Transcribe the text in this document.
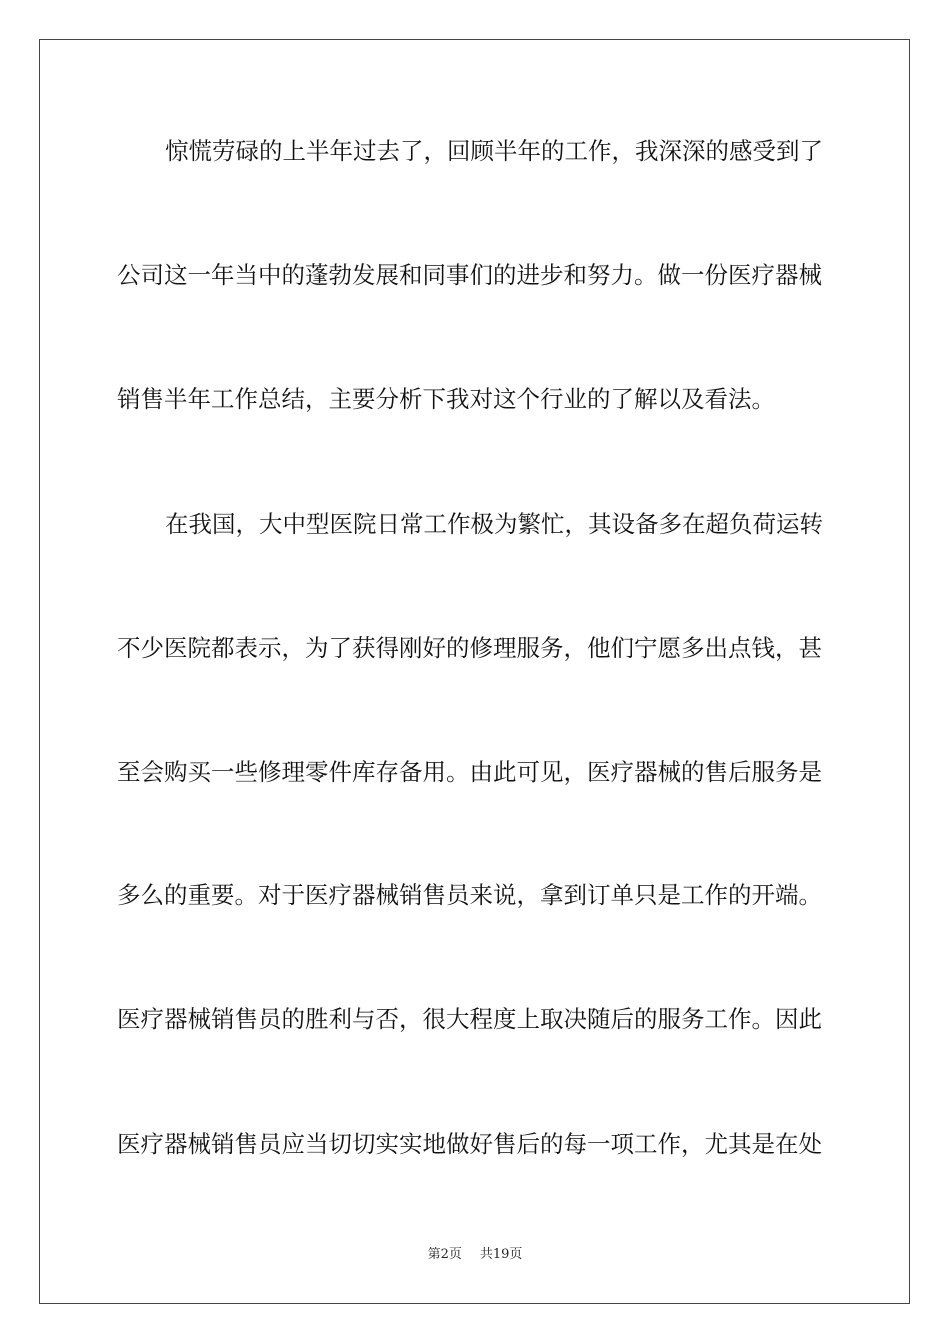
惊慌劳碌的上半年过去了，回顾半年的工作，我深深的感受到了
公司这一年当中的蓬勃发展和同事们的进步和努力。做一份医疗器械
销售半年工作总结，主要分析下我对这个行业的了解以及看法。
在我国，大中型医院日常工作极为繁忙，其设备多在超负荷运转
不少医院都表示，为了获得刚好的修理服务，他们宁愿多出点钱，甚
至会购买一些修理零件库存备用。由此可见，医疗器械的售后服务是
多么的重要。对于医疗器械销售员来说，拿到订单只是工作的开端。
医疗器械销售员的胜利与否，很大程度上取决随后的服务工作。因此
医疗器械销售员应当切切实实地做好售后的每一项工作，尤其是在处
第2页 共19页
